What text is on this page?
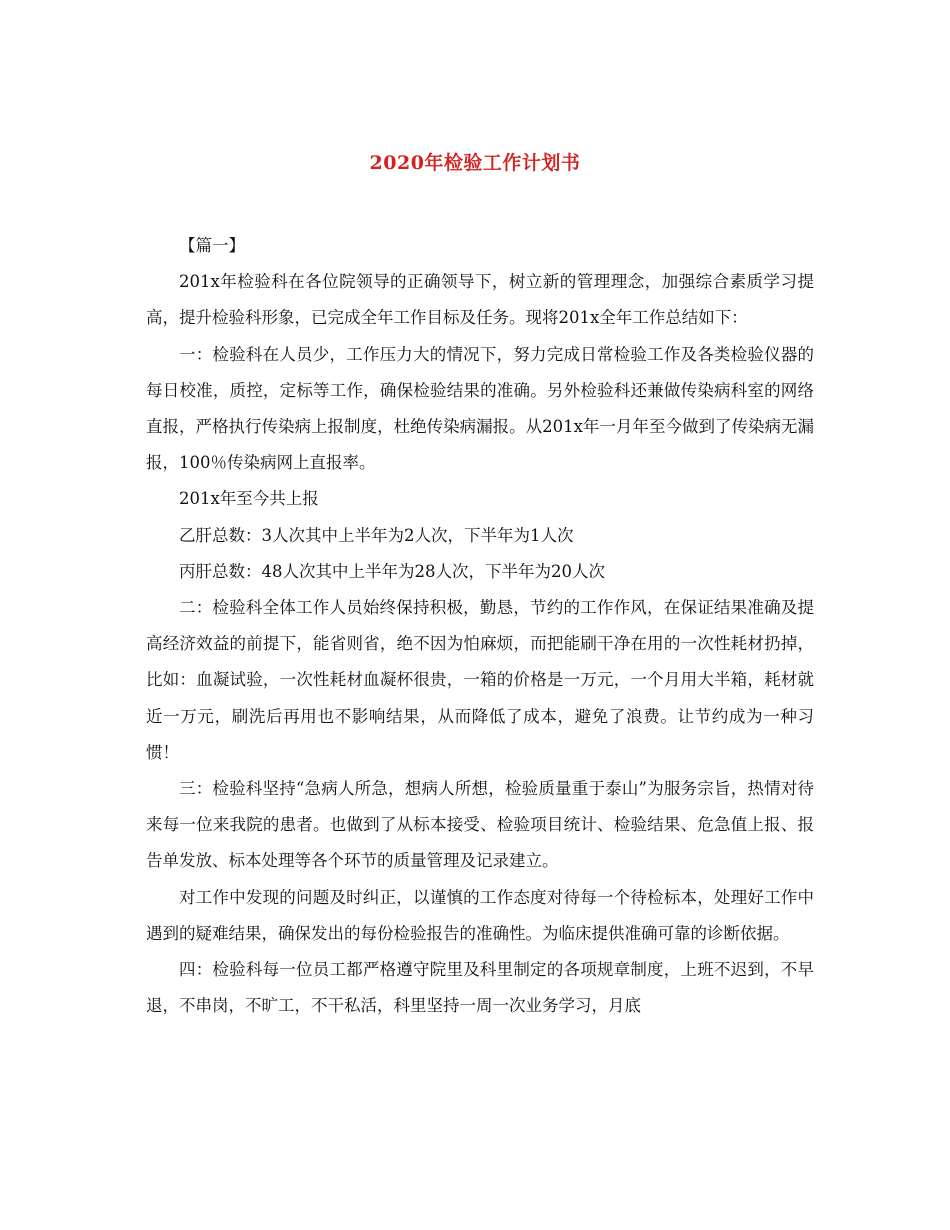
2020年检验工作计划书

【篇一】

201x年检验科在各位院领导的正确领导下，树立新的管理理念，加强综合素质学习提高，提升检验科形象，已完成全年工作目标及任务。现将201x全年工作总结如下：

一：检验科在人员少，工作压力大的情况下，努力完成日常检验工作及各类检验仪器的每日校准，质控，定标等工作，确保检验结果的准确。另外检验科还兼做传染病科室的网络直报，严格执行传染病上报制度，杜绝传染病漏报。从201x年一月年至今做到了传染病无漏报，100％传染病网上直报率。

201x年至今共上报

乙肝总数：3人次其中上半年为2人次，下半年为1人次

丙肝总数：48人次其中上半年为28人次，下半年为20人次

二：检验科全体工作人员始终保持积极，勤恳，节约的工作作风，在保证结果准确及提高经济效益的前提下，能省则省，绝不因为怕麻烦，而把能刷干净在用的一次性耗材扔掉，比如：血凝试验，一次性耗材血凝杯很贵，一箱的价格是一万元，一个月用大半箱，耗材就近一万元，刷洗后再用也不影响结果，从而降低了成本，避免了浪费。让节约成为一种习惯！

三：检验科坚持“急病人所急，想病人所想，检验质量重于泰山”为服务宗旨，热情对待来每一位来我院的患者。也做到了从标本接受、检验项目统计、检验结果、危急值上报、报告单发放、标本处理等各个环节的质量管理及记录建立。

对工作中发现的问题及时纠正，以谨慎的工作态度对待每一个待检标本，处理好工作中遇到的疑难结果，确保发出的每份检验报告的准确性。为临床提供准确可靠的诊断依据。

四：检验科每一位员工都严格遵守院里及科里制定的各项规章制度，上班不迟到，不早退，不串岗，不旷工，不干私活，科里坚持一周一次业务学习，月底
